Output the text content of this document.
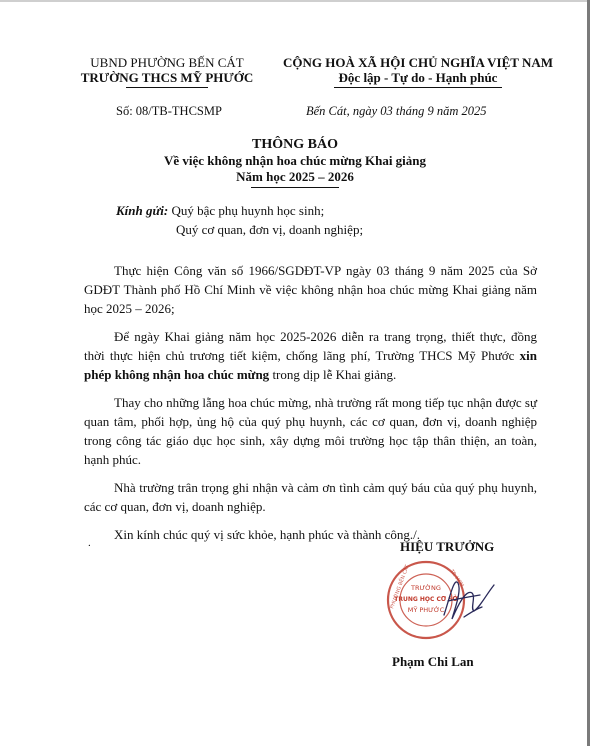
UBND PHƯỜNG BẾN CÁT
TRƯỜNG THCS MỸ PHƯỚC
CỘNG HOÀ XÃ HỘI CHỦ NGHĨA VIỆT NAM
Độc lập - Tự do - Hạnh phúc
Số: 08/TB-THCSMP	Bến Cát, ngày 03 tháng 9 năm 2025
THÔNG BÁO
Về việc không nhận hoa chúc mừng Khai giảng
Năm học 2025 – 2026
Kính gửi: Quý bậc phụ huynh học sinh;
Quý cơ quan, đơn vị, doanh nghiệp;

Thực hiện Công văn số 1966/SGDĐT-VP ngày 03 tháng 9 năm 2025 của Sở GDĐT Thành phố Hồ Chí Minh về việc không nhận hoa chúc mừng Khai giảng năm học 2025 – 2026;

Để ngày Khai giảng năm học 2025-2026 diễn ra trang trọng, thiết thực, đồng thời thực hiện chủ trương tiết kiệm, chống lãng phí, Trường THCS Mỹ Phước xin phép không nhận hoa chúc mừng trong dịp lễ Khai giảng.

Thay cho những lẵng hoa chúc mừng, nhà trường rất mong tiếp tục nhận được sự quan tâm, phối hợp, ủng hộ của quý phụ huynh, các cơ quan, đơn vị, doanh nghiệp trong công tác giáo dục học sinh, xây dựng môi trường học tập thân thiện, an toàn, hạnh phúc.

Nhà trường trân trọng ghi nhận và cảm ơn tình cảm quý báu của quý phụ huynh, các cơ quan, đơn vị, doanh nghiệp.

Xin kính chúc quý vị sức khỏe, hạnh phúc và thành công./.

.	HIỆU TRƯỞNG
PHƯỜNG BẾN CÁT	TP. HCM
TRƯỜNG
TRUNG HỌC CƠ SỞ
MỸ PHƯỚC
Phạm Chi Lan
